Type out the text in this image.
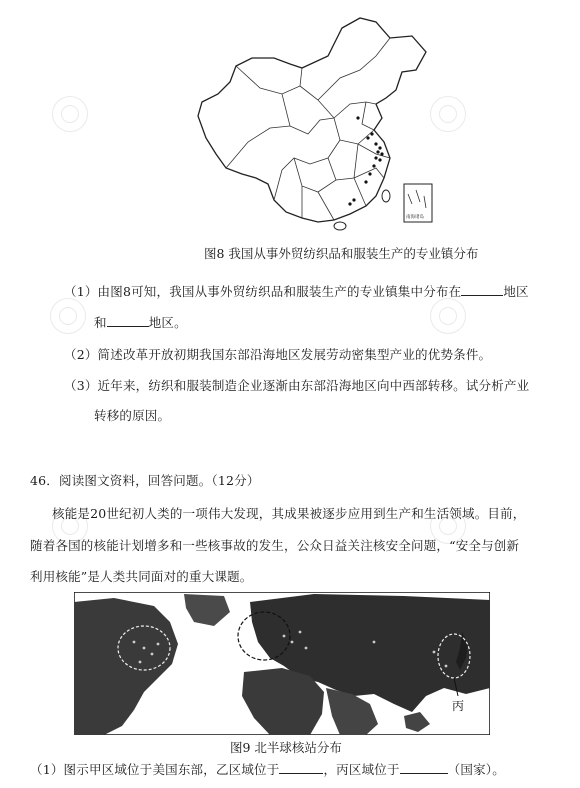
南海诸岛
图8 我国从事外贸纺织品和服装生产的专业镇分布
（1）由图8可知，我国从事外贸纺织品和服装生产的专业镇集中分布在	地区
和	地区。
（2）简述改革开放初期我国东部沿海地区发展劳动密集型产业的优势条件。
（3）近年来，纺织和服装制造企业逐渐由东部沿海地区向中西部转移。试分析产业
转移的原因。
46．阅读图文资料，回答问题。（12分）
核能是20世纪初人类的一项伟大发现，其成果被逐步应用到生产和生活领域。目前，
随着各国的核能计划增多和一些核事故的发生，公众日益关注核安全问题，“安全与创新
利用核能”是人类共同面对的重大课题。
丙
图9 北半球核站分布
（1）图示甲区域位于美国东部，乙区域位于	，丙区域位于	（国家）。
